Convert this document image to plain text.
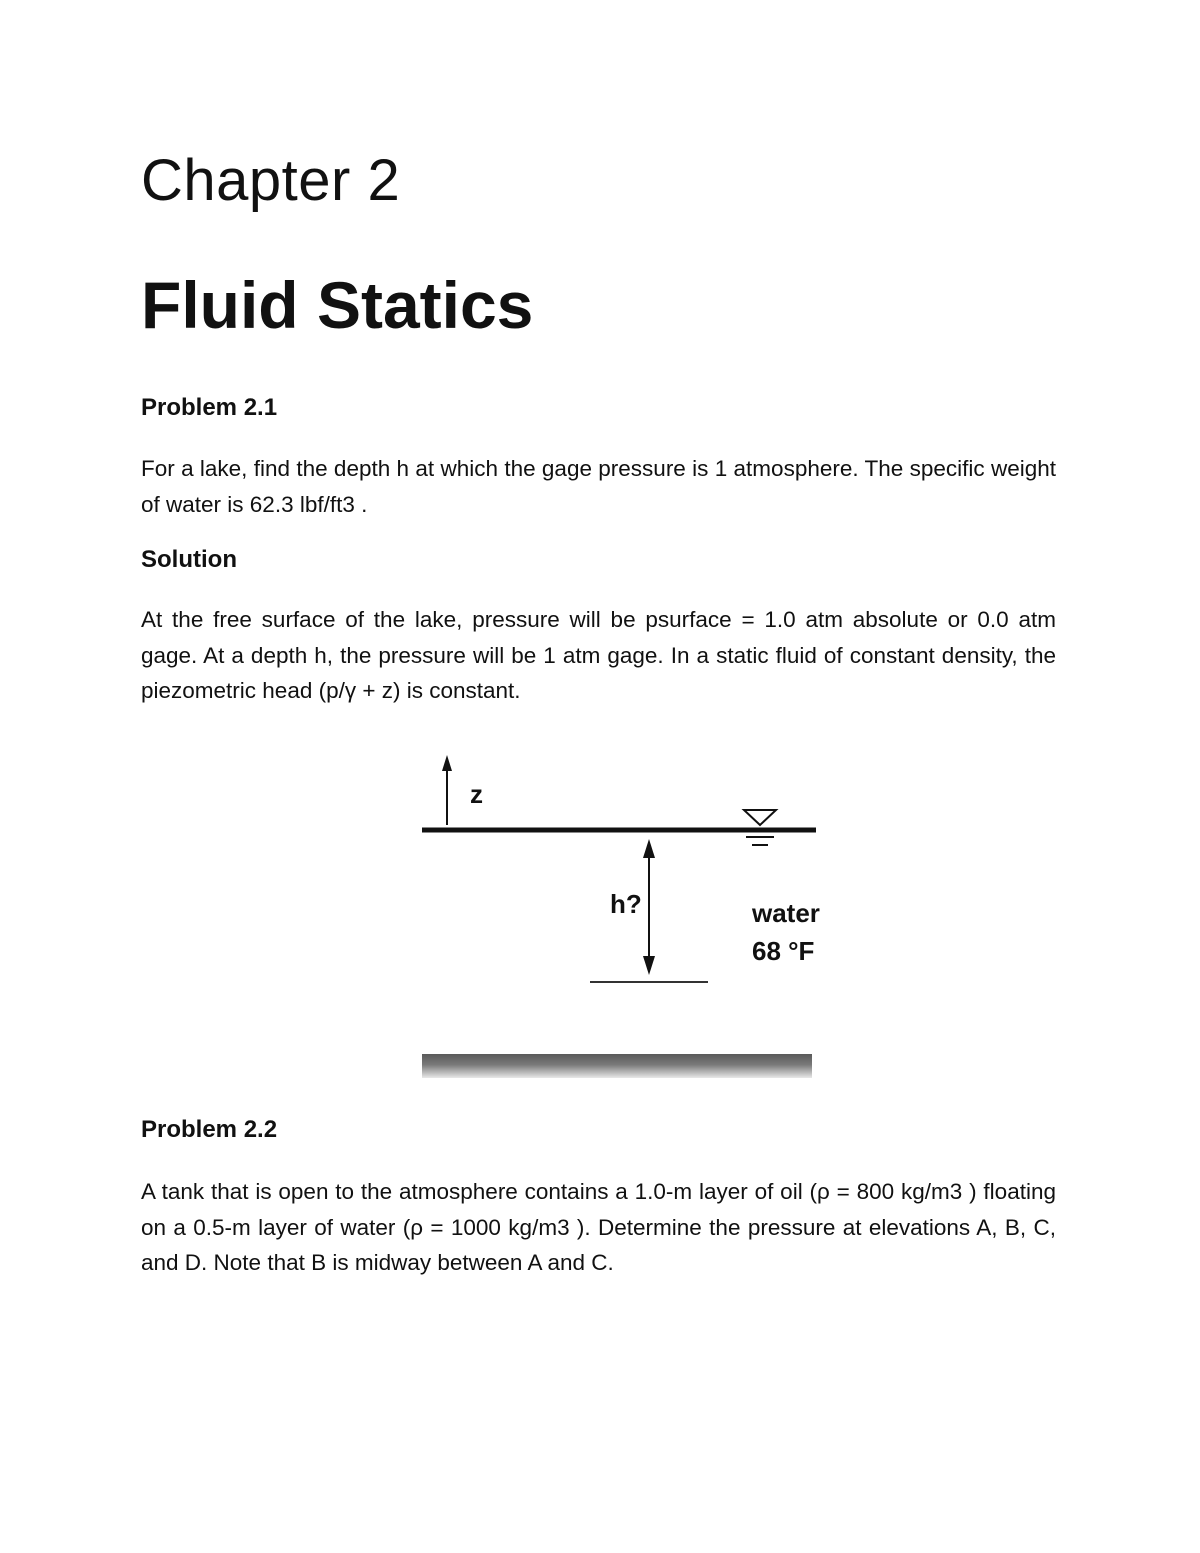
Chapter 2
Fluid Statics
Problem 2.1

For a lake, find the depth h at which the gage pressure is 1 atmosphere. The specific weight of water is 62.3 lbf/ft3 .

Solution

At the free surface of the lake, pressure will be psurface = 1.0 atm absolute or 0.0 atm gage. At a depth h, the pressure will be 1 atm gage. In a static fluid of constant density, the piezometric head (p/γ + z) is constant.

z
h?	water
68 °F
Problem 2.2

A tank that is open to the atmosphere contains a 1.0-m layer of oil (ρ = 800 kg/m3 ) floating on a 0.5-m layer of water (ρ = 1000 kg/m3 ). Determine the pressure at elevations A, B, C, and D. Note that B is midway between A and C.
